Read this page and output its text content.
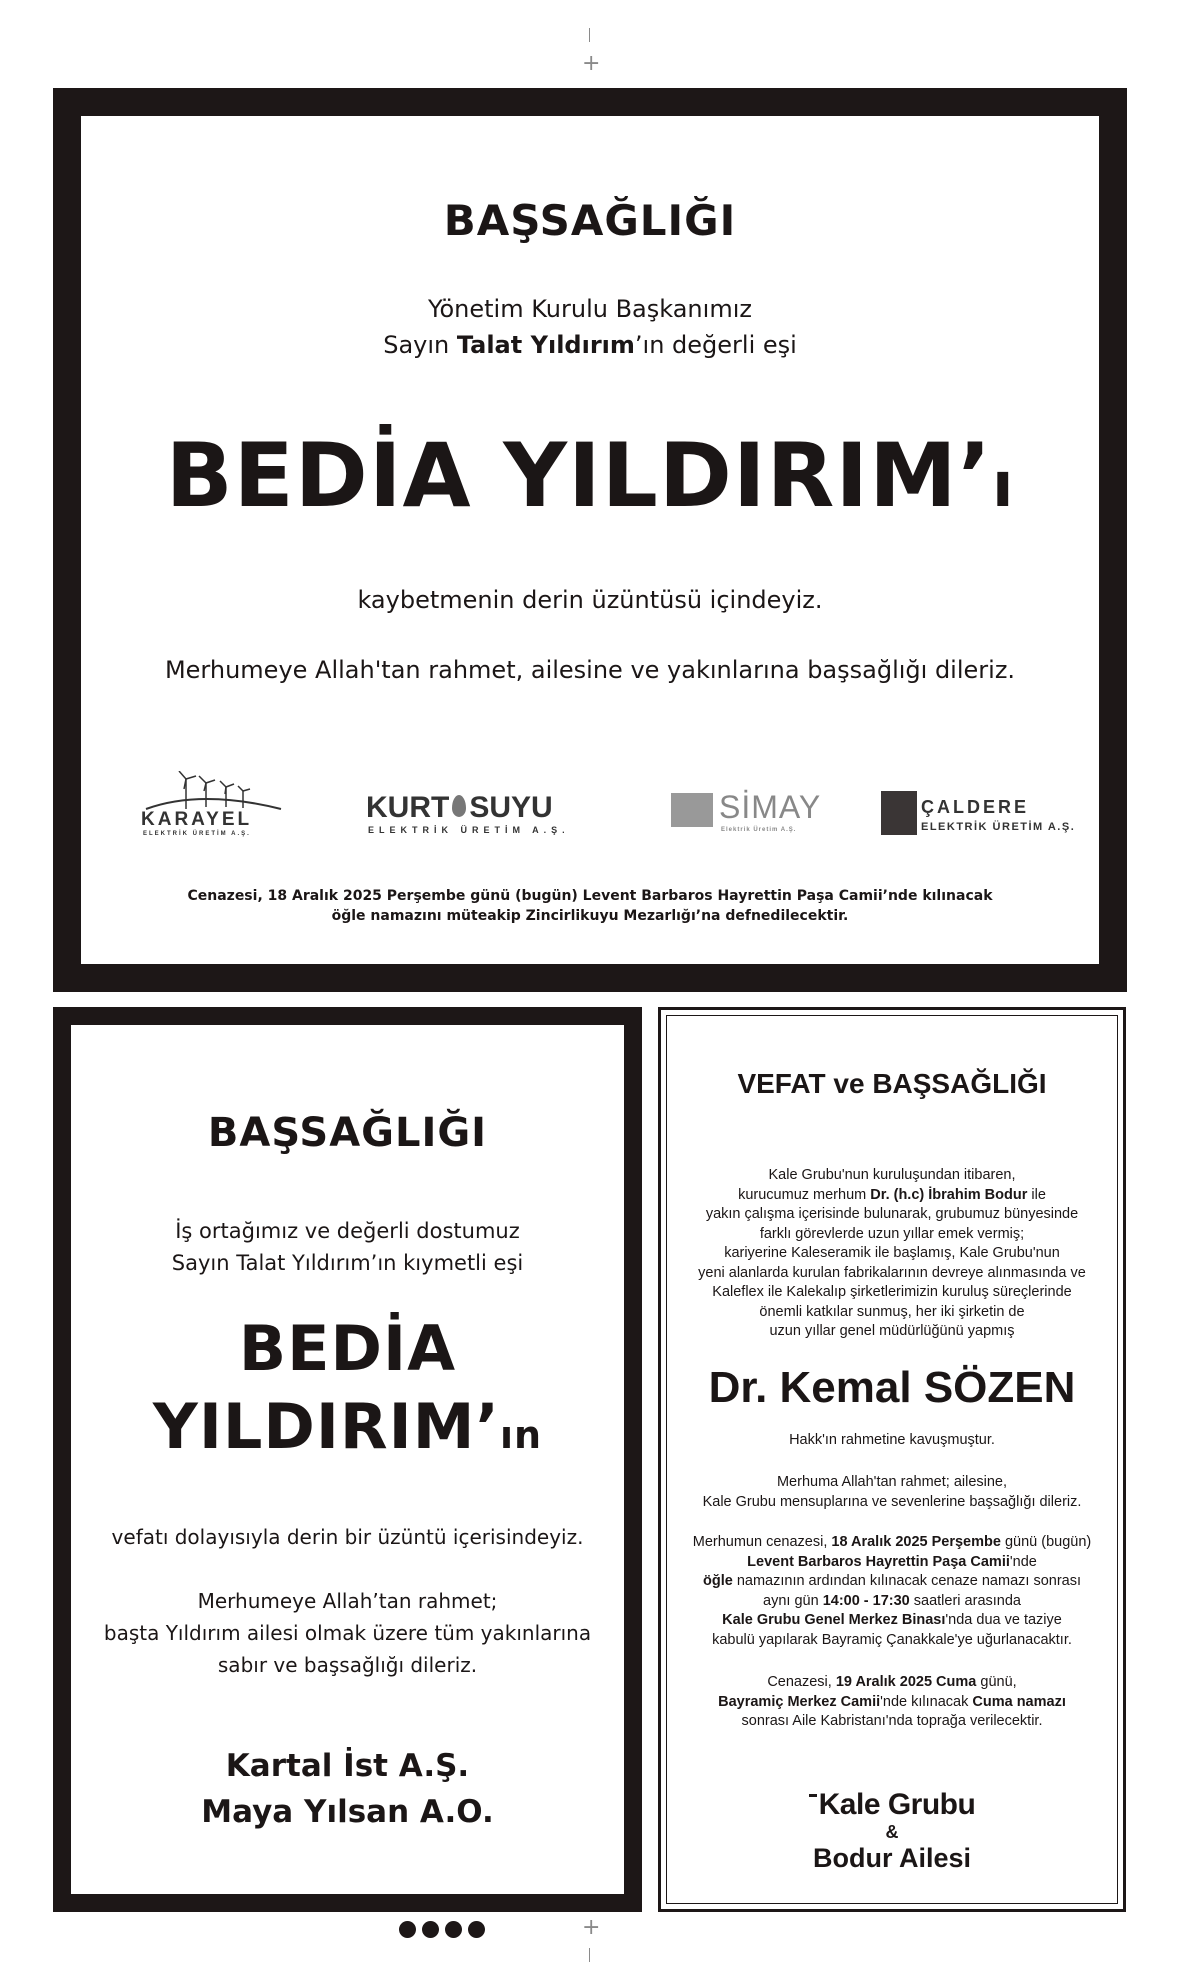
+
BAŞSAĞLIĞI
Yönetim Kurulu Başkanımız
Sayın Talat Yıldırım’ın değerli eşi
BEDİA YILDIRIM’ı
kaybetmenin derin üzüntüsü içindeyiz.
Merhumeye Allah'tan rahmet, ailesine ve yakınlarına başsağlığı dileriz.
KARAYEL
ELEKTRİK ÜRETİM A.Ş.
KURT SUYU
ELEKTRİK ÜRETİM A.Ş.
SİMAY
Elektrik Üretim A.Ş.
ÇALDERE
ELEKTRİK ÜRETİM A.Ş.
Cenazesi, 18 Aralık 2025 Perşembe günü (bugün) Levent Barbaros Hayrettin Paşa Camii’nde kılınacak
öğle namazını müteakip Zincirlikuyu Mezarlığı’na defnedilecektir.
BAŞSAĞLIĞI
İş ortağımız ve değerli dostumuz
Sayın Talat Yıldırım’ın kıymetli eşi
BEDİA
YILDIRIM’ın
vefatı dolayısıyla derin bir üzüntü içerisindeyiz.
Merhumeye Allah’tan rahmet;
başta Yıldırım ailesi olmak üzere tüm yakınlarına
sabır ve başsağlığı dileriz.
Kartal İst A.Ş.
Maya Yılsan A.O.
VEFAT ve BAŞSAĞLIĞI
Kale Grubu'nun kuruluşundan itibaren,
kurucumuz merhum Dr. (h.c) İbrahim Bodur ile
yakın çalışma içerisinde bulunarak, grubumuz bünyesinde
farklı görevlerde uzun yıllar emek vermiş;
kariyerine Kaleseramik ile başlamış, Kale Grubu'nun
yeni alanlarda kurulan fabrikalarının devreye alınmasında ve
Kaleflex ile Kalekalıp şirketlerimizin kuruluş süreçlerinde
önemli katkılar sunmuş, her iki şirketin de
uzun yıllar genel müdürlüğünü yapmış
Dr. Kemal SÖZEN
Hakk'ın rahmetine kavuşmuştur.
Merhuma Allah'tan rahmet; ailesine,
Kale Grubu mensuplarına ve sevenlerine başsağlığı dileriz.
Merhumun cenazesi, 18 Aralık 2025 Perşembe günü (bugün)
Levent Barbaros Hayrettin Paşa Camii'nde
öğle namazının ardından kılınacak cenaze namazı sonrası
aynı gün 14:00 - 17:30 saatleri arasında
Kale Grubu Genel Merkez Binası'nda dua ve taziye
kabulü yapılarak Bayramiç Çanakkale'ye uğurlanacaktır.
Cenazesi, 19 Aralık 2025 Cuma günü,
Bayramiç Merkez Camii'nde kılınacak Cuma namazı
sonrası Aile Kabristanı'nda toprağa verilecektir.
Kale Grubu
&
Bodur Ailesi
+
